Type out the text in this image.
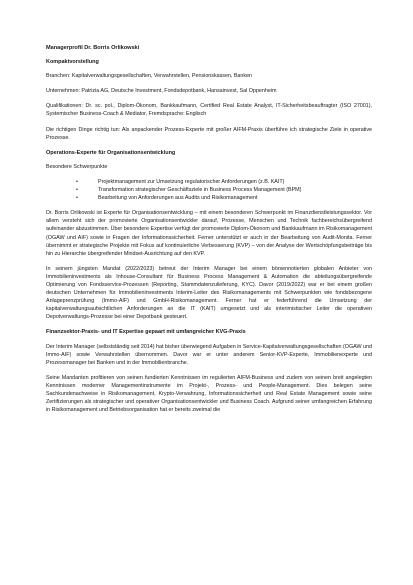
Managerprofil Dr. Borris Orlikowski
Kompaktvorstellung

Branchen: Kapitalverwaltungsgesellschaften, Verwahrstellen, Pensionskassen, Banken

Unternehmen: Patrizia AG, Deutsche Investment, Fondsdepotbank, Hansainvest, Sal Oppenheim

Qualifikationen: Dr. sc. pol., Diplom-Ökonom, Bankkaufmann, Certified Real Estate Analyst, IT-Sicherheitsbeauftragter (ISO 27001), Systemischer Business-Coach & Mediator, Fremdsprache: Englisch

Die richtigen Dinge richtig tun: Als anpackender Prozess-Experte mit großer AIFM-Praxis überführe ich strategische Ziele in operative Prozesse.

Operations-Experte für Organisationsentwicklung

Besondere Schwerpunkte

•	Projektmanagement zur Umsetzung regulatorischer Anforderungen (z.B. KAIT)
•	Transformation strategischer Geschäftsziele in Business Process Management (BPM)
•	Bearbeitung von Anforderungen aus Audits und Risikomanagement

Dr. Borris Orlikowski ist Experte für Organisationsentwicklung – mit einem besonderen Schwerpunkt im Finanzdienstleistungssektor. Vor allem versteht sich der promovierte Organisationsentwickler darauf, Prozesse, Menschen und Technik fachbereichsübergreifend aufeinander abzustimmen. Über besondere Expertise verfügt der promovierte Diplom-Ökonom und Bankkaufmann im Risikomanagement (OGAW und AIF) sowie in Fragen der Informationssicherheit. Ferner unterstützt er auch in der Bearbeitung von Audit-Monita. Ferner übernimmt er strategische Projekte mit Fokus auf kontinuierliche Verbesserung (KVP) – von der Analyse der Wertschöpfungsbeiträge bis hin zu Hierarchie übergreifender Mindset-Ausrichtung auf den KVP.

In seinem jüngsten Mandat (2022/2023) betreut der Interim Manager bei einem börsennotierten globalen Anbieter von Immobilieninvestments als Inhouse-Consultant für Business Process Management & Automation die abteilungsübergreifende Optimierung von Fondsservice-Prozessen (Reporting, Stammdatenzulieferung, KYC). Davor (2019/2022) war er bei einem großen deutschen Unternehmen für Immobilieninvestments Interim-Leiter des Risikomanagements mit Schwerpunkten wie fondsbezogene Anlageprenzprüfung (Immo-AIF) und GmbH-Risikomanagement. Ferner hat er federführend die Umsetzung der kapitalverwaltungsaufsichtlichen Anforderungen an die IT (KAIT) umgesetzt und als interimistischer Leiter die operativen Depotverwaltungs-Prozesse bei einer Depotbank gesteuert.

Finanzsektor-Praxis- und IT Expertise gepaart mit umfangreicher KVG-Praxis

Der Interim Manager (selbstständig seit 2014) hat bisher überwiegend Aufgaben in Service-Kapitalverwaltungsgesellschaften (OGAW und Immo-AIF) sowie Verwahrstellen übernommen. Davor war er unter anderem Senior-KVP-Experte, Immobilienexperte und Prozessmanager bei Banken und in der Immobilienbranche.

Seine Mandanten profitieren von seinen fundierten Kenntnissen im regulierten AIFM-Business und zudem von seinen breit angelegten Kenntnissen moderner Managementinstrumente im Projekt-, Prozess- und People-Management. Dies belegen seine Sachkundenachweise in Risikomanagement, Krypto-Verwahrung, Informationssicherheit und Real Estate Management sowie seine Zertifizierungen als strategischer und operativer Organisationsentwickler und Business Coach. Aufgrund seiner umfangreichen Erfahrung in Risikomanagement und Betriebsorganisation hat er bereits zweimal die
